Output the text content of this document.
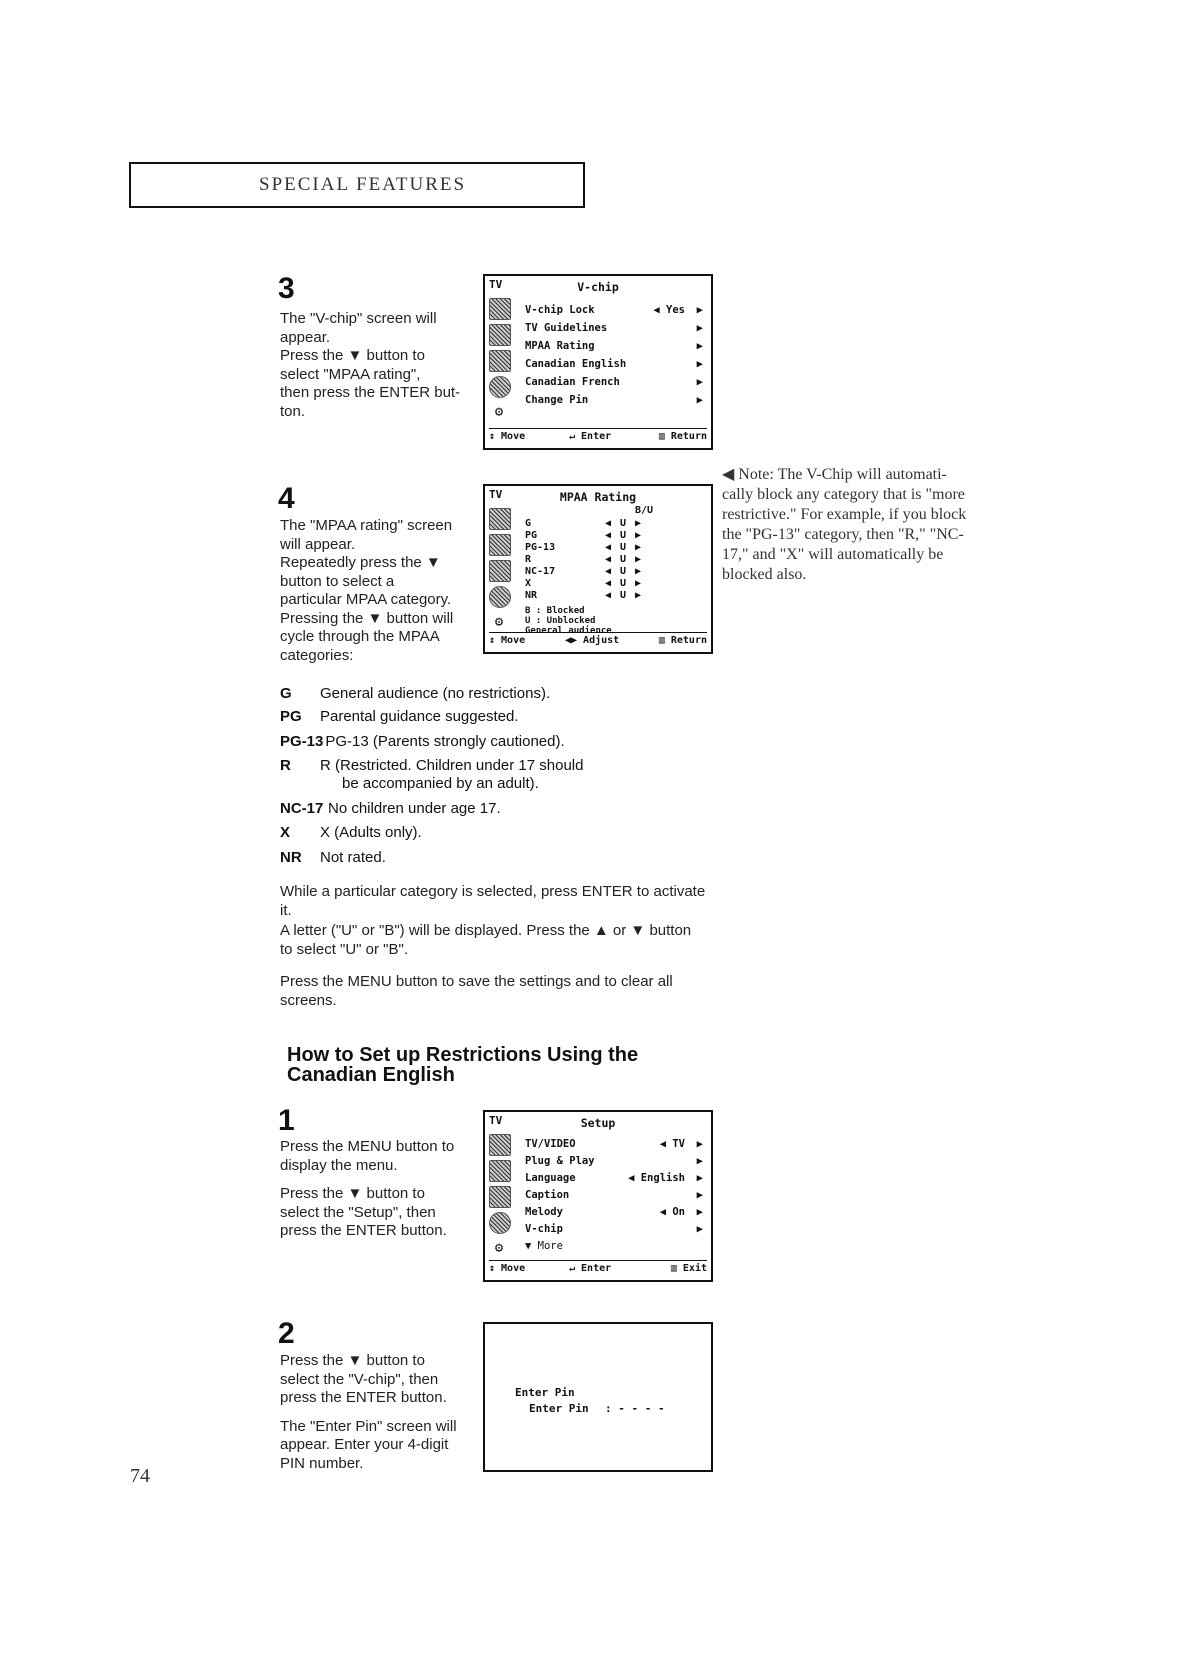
SPECIAL FEATURES
3
The "V-chip" screen will
appear.
Press the ▼ button to
select "MPAA rating",
then press the ENTER but-
ton.
TV	V-chip
⚙
V-chip Lock	◀ Yes ▶
TV Guidelines	▶
MPAA Rating	▶
Canadian English	▶
Canadian French	▶
Change Pin	▶
↕ Move	↵ Enter	▥ Return
4
The "MPAA rating" screen
will appear.
Repeatedly press the ▼
button to select a
particular MPAA category.
Pressing the ▼ button will
cycle through the MPAA
categories:
TV	MPAA Rating
⚙
B/U
G	◀ U ▶
PG	◀ U ▶
PG-13	◀ U ▶
R	◀ U ▶
NC-17	◀ U ▶
X	◀ U ▶
NR	◀ U ▶
B : Blocked
U : Unblocked
General audience
↕ Move	◀▶ Adjust	▥ Return
◀ Note: The V-Chip will automati-
cally block any category that is "more
restrictive." For example, if you block
the "PG-13" category, then "R," "NC-
17," and "X" will automatically be
blocked also.
G General audience (no restrictions).
PG Parental guidance suggested.
PG-13 PG-13 (Parents strongly cautioned).
R R (Restricted. Children under 17 should
be accompanied by an adult).
NC-17 No children under age 17.
X X (Adults only).
NR Not rated.
While a particular category is selected, press ENTER to activate
it.
A letter ("U" or "B") will be displayed. Press the ▲ or ▼ button
to select "U" or "B".
Press the MENU button to save the settings and to clear all
screens.
How to Set up Restrictions Using the
Canadian English
1
Press the MENU button to
display the menu.
Press the ▼ button to
select the "Setup", then
press the ENTER button.
TV	Setup
⚙
TV/VIDEO	◀ TV ▶
Plug & Play	▶
Language	◀ English ▶
Caption	▶
Melody	◀ On ▶
V-chip	▶
▼ More
↕ Move	↵ Enter	▥ Exit
2
Press the ▼ button to
select the "V-chip", then
press the ENTER button.
The "Enter Pin" screen will
appear. Enter your 4-digit
PIN number.
Enter Pin
Enter Pin : - - - -
74
